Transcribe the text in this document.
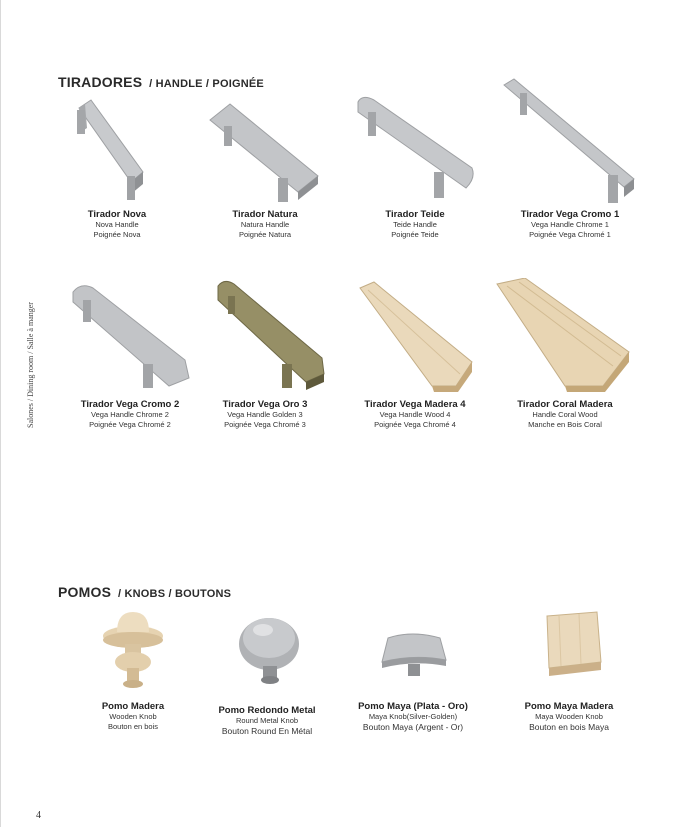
Salones / Dining room / Salle à manger
TIRADORES / HANDLE / POIGNÉE
Tirador Nova
Nova Handle
Poignée Nova
Tirador Natura
Natura Handle
Poignée Natura
Tirador Teide
Teide Handle
Poignée Teide
Tirador Vega Cromo 1
Vega Handle Chrome 1
Poignée Vega Chromé 1
Tirador Vega Cromo 2
Vega Handle Chrome 2
Poignée Vega Chromé 2
Tirador Vega Oro 3
Vega Handle Golden 3
Poignée Vega Chromé 3
Tirador Vega Madera 4
Vega Handle Wood 4
Poignée Vega Chromé 4
Tirador Coral Madera
Handle Coral Wood
Manche en Bois Coral
POMOS / KNOBS / BOUTONS
Pomo Madera
Wooden Knob
Bouton en bois
Pomo Redondo Metal
Round Metal Knob
Bouton Round En Métal
Pomo Maya (Plata - Oro)
Maya Knob(Silver-Golden)
Bouton Maya (Argent - Or)
Pomo Maya Madera
Maya Wooden Knob
Bouton en bois Maya
4
